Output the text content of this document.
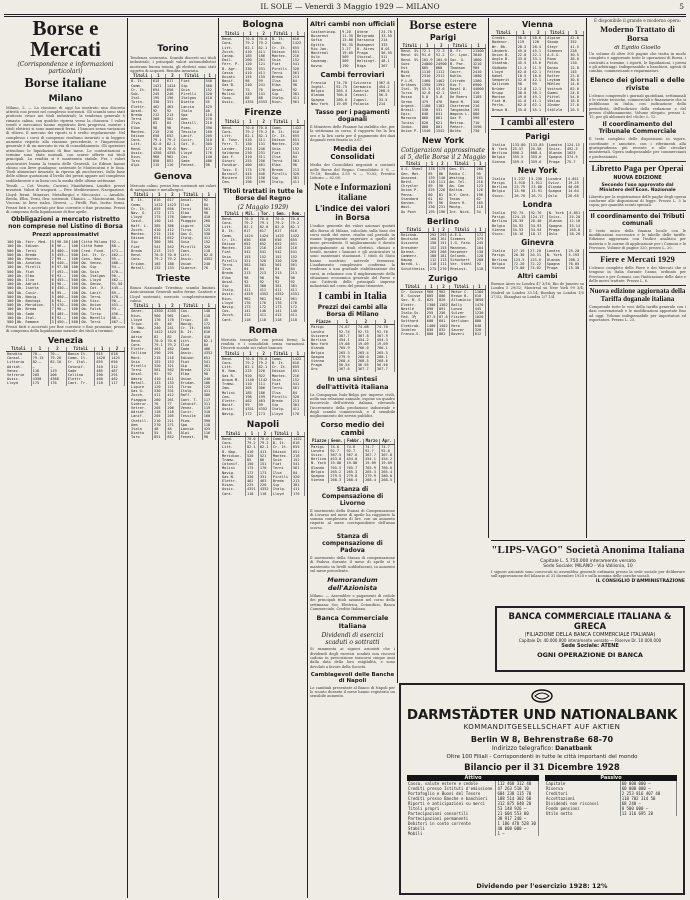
IL SOLE — Venerdì 3 Maggio 1929 — MILANO	5
Borse e Mercati
(Corrispondenze e informazioni particolari)
Borse italiane
Milano
Milano, 2. — La riunione di oggi ha mostrato una discreta attività con prezzi nel complesso sostenuti. Gli scambi sono stati piuttosto vivaci nei titoli industriali; la tendenza generale è rimasta calma, con qualche ripresa verso la chiusura. I valori tessili e meccanici hanno registrato lievi progressi, mentre i titoli elettrici si sono mantenuti fermi. I bancari senza variazioni di rilievo. Il mercato dei riporti si è svolto regolarmente. Nel complesso i corsi di compenso risultano invariati o in leggero aumento rispetto alla riunione precedente, e l'impressione generale è di un mercato in via di consolidamento. Gli operatori attendono le liquidazioni di fine mese. Le contrattazioni a termine sono state normali, con scarse offerte sui titoli principali. La rendita si è mantenuta stabile. Fra i valori assicurativi buona la tenuta delle Generali. Le Edison hanno chiuso con lieve guadagno; sostenute le Montecatini e le Snia. Titoli alimentari invariati; in ripresa gli zuccherieri. Sulla base delle ultime quotazioni il livello dei prezzi appare nel complesso soddisfacente e in linea con la media delle ultime settimane.
Tessili. — Cot. Veneto, Cucirini, Manifattura, Lanifici: prezzi invariati. Valori di trasporti. — Ferr. Mediterranee, Navigazione, Lloyd: fermi. Minerari, Metallurgici e Meccanici. — Ansaldo, Breda, Elba, Terni, Ilva: sostenuti. Chimici. — Montecatini, Snia Viscosa: in lieve rialzo. Diversi. — Pirelli, Fiat, Isotta: fermi. Prezzi fatti e accertati per fine corrente e fine prossimo. Prezzi di compenso della liquidazione di fine aprile.
Obbligazioni a mercato ristretto non comprese nel Listino di Borsa
Prezzi approssimativi
100	Ob. Ferr. Med.	5	98.50	100	Città Milano	92.—
100	Ob. Edison	6	96.—	100	Città Roma	88.—
500	Ob. Terni	6	480.—	500	Cred. Fond.	471.—
500	Ob. Breda	5	455.—	500	Ist. It. Cr.	462.—
100	Ob. Montec.	7	99.—	100	Cons. Nav.	95.—
500	Ob. Ansaldo	6	440.—	500	Ob. Venez.	488.—
100	Ob. Pirelli	6	97.50	100	Ob. Sip	94.—
500	Ob. Fiat	7	492.—	500	Ob. Snia	470.—
100	Ob. Elba	6	93.—	100	Ob. Italgas	90.—
500	Ob. Ilva	6	455.—	500	Ob. Lloyd	462.—
100	Ob. Adriat.	6	96.—	100	Ob. Genov.	91.50
500	Ob. Isotta	6	430.—	500	Ob. Cot. V.	445.—
100	Ob. Cucir.	6	95.—	100	Ob. Lanif.	89.—
500	Ob. Navig.	5	460.—	500	Ob. Terni	478.—
100	Ob. Bastogi	6	94.—	100	Ob. Vizz.	90.—
500	Ob. Meridion.	5	470.—	500	Ob. Union	451.—
100	Ob. Breda	7	98.—	100	Ob. Falck	93.—
500	Ob. Sade	6	485.—	500	Ob. Tirso	456.—
100	Ob. Ital.	6	92.—	100	Ob. Marelli	88.—
500	Ob. Romana	5	450.—	500	Ob. Terni	467.—
Prezzi fatti e accertati per fine corrente e fine prossimo; prezzi di compenso della liquidazione mensile dei titoli a termine.
Venezia
Titoli	1	2	Titoli	1	2
Rendita	70.—	70.—	Banca It.	615	618
Consol.	79.15	79.20	Comm. It.	1420	1425
Littorio	82.—	82.10	Cr. Ital.	655	656
Adriat.	—	—	Cotonif.	310	312
Venez.	118	119	Sade	485	487
Vetrerie	205	206	Cellina	290	291
Assic.	4350	4360	Elettr.	460	462
Lloyd	175	176	Cant. Tr.	118	117
Torino
Tendenza sostenuta. Scambi discreti sui titoli industriali; i principali valori automobilistici mostrano buona tenuta, gli elettrici sono stati oggetto di acquisti. Rendita invariata.
Titoli	1	2	Titoli	1
B. It.	615	617	Fiat	540
Comm.	1421	1424	Sip	380
Cr. It.	654	656	Snia	152
Sub.	245	246	Pirelli	320
Ital.	195	196	Italgas	410
Torin.	330	331	Diatto	55
Elettr.	462	463	Lancia	425
Ansal.	92	92	Itala	48
Breda	212	213	Spa	118
Terni	560	562	Aem	270
Ilva	83	84	Chatill.	210
Elba	98	98	Piem.	390
Montec.	215	216	Tessile	160
Edison	650	652	Lanif.	205
Cons.	79.1	79.2	Cucir.	310
Litt.	82.0	82.1	Cot. V.	305
Rend.	70.0	70.0	Nav.	172
Assic.	4350	4355	Lloyd	176
Riun.	960	962	Cos.	140
Toro	850	852	Sade	486
Alpi	115	116	Fenest.	98
Genova
Mercato calmo, prezzi ben sostenuti nei valori di navigazione e metallurgici.
Titoli	1	2	Titoli	1
B. It.	616	617	Ansal.	92
Comm.	1422	1423	Ilva	84
Cr. It.	655	656	Terni	561
Nav. G.	172	173	Elba	98
Lloyd	175	176	Odero	410
Cosul.	140	141	Piaggio	260
Raff. L.	385	386	Ligure	120
Zucch.	410	412	Tirso	125
Montec.	215	216	Gas G.	330
Edison	651	652	Italg.	411
Sip	380	381	Snia	152
Fiat	541	542	Pirelli	320
Breda	213	213	Cant.	118
Rend.	70.0	70.0	Litt.	82.0
Cons.	79.2	79.2	Assic.	4352
Eridan.	185	186	Union	240
Metall.	132	133	Siderur.	76
Trieste
Banca Nazionale Triestina: scambi limitati. Assicurazioni Generali molto ferme. Cantieri e Lloyd sostenuti; mercato complessivamente calmo.
Titoli	1	2	Titoli	1
Gener.	4350	4355	Cos.	140
Riun.	960	961	Cant.	118
Lloyd	176	176	Tripc.	45
Tripc.	45	46	Navig.	172
B. Naz.	240	241	Cr. It.	655
Comm.	1422	1424	B. It.	616
Adria	82	82	Zucch.	410
Rend.	70.0	70.0	Litt.	82.1
Cons.	79.1	79.2	Ilva	84
Elettr.	461	462	Sade	486
Cellina	290	291	Assic.	4352
Mont.	215	216	Edison	651
Snia	152	153	Fiat	541
Pirelli	320	321	Sip	381
Terni	561	562	Breda	213
Ansal.	92	92	Elba	98
Odero	410	411	Union	240
Metall.	133	133	Eridan.	186
Ligure	120	121	Tirso	125
Gas G.	330	331	Italg.	411
Zucch.	411	412	Raff.	386
Piaggio	260	261	Cant. T.	117
Siderur.	76	77	Cotonif.	311
Vetrer.	205	206	Venez.	119
Adriat.	118	118	Cucir.	310
Lanif.	205	205	Tessile	160
Chatill.	210	211	Piem.	390
Aem	270	271	Spa	118
Itala	48	48	Lancia	425
Diatto	55	55	Alpi	116
Toro	851	852	Fenest.	98
Bologna
Titoli	1	2	Titoli	1
Rend.	70.0	70.0	B. It.	616
Cons.	79.2	79.2	Comm.	1422
Litt.	82.1	82.1	Cr. It.	655
Zucch.	410	411	Edison	651
Canap.	185	186	Montec.	216
Emil.	260	261	Snia	152
Ferr. P.	120	121	Fiat	541
B. Agr.	330	331	Pirelli	320
Cassa	410	411	Terni	561
Ducati	155	155	Breda	213
Bonif.	98	99	Ilva	84
Gas B.	240	241	Elba	98
Tramv.	75	76	Ansal.	92
Molini	140	141	Sip	381
Coop.	88	88	Italg.	411
Assic.	4351	4353	Riun.	961
Firenze
Titoli	1	2	Titoli	1
Rend.	70.0	70.0	Comm.	1422
Cons.	79.2	79.2	B. It.	616
Litt.	82.1	82.1	Cr. It.	655
B. Tosc.	410	411	Edison	651
Ferr. T.	130	131	Montec.	216
Larder.	245	246	Snia	152
Valdarno	230	231	Fiat	541
Gas F.	310	311	Ilva	84
Ginori	255	256	Terni	561
Fondiar.	460	461	Elba	98
Tosc. E.	175	176	Breda	213
Boracif.	445	446	Pirelli	320
Miniere	155	156	Sip	381
Cem.	198	199	Italg.	411
Titoli trattati in tutte le Borse del Regno
(2 Maggio 1929)
Titoli	Mil.	Tor.	Gen.	Rom.
Rend.	70.0	70.0	70.0	70.0
Cons.	79.2	79.1	79.2	79.2
Litt.	82.1	82.0	82.0	82.1
B. It.	617	617	617	616
Comm.	1424	1424	1423	1422
Cr. It.	656	656	656	655
Edison	652	652	652	651
Montec.	216	216	216	216
Fiat	542	541	542	541
Snia	153	152	152	152
Pirelli	321	320	320	320
Terni	562	561	561	561
Ilva	84	84	84	84
Breda	213	213	213	213
Elba	98	98	98	98
Ansal.	92	92	92	92
Sip	381	380	381	381
Italg.	411	411	411	411
Assic.	4355	4352	4352	4351
Riun.	962	961	961	961
Lloyd	176	176	176	176
Navig.	173	172	173	172
Cos.	141	140	141	140
Zucch.	412	411	412	411
Cant.	118	118	118	118
Roma
Mercato tranquillo con prezzi fermi; la rendita e i consolidati senza variazioni. Discreti scambi sui valori bancari.
Titoli	1	2	Titoli	1
Rend.	70.0	70.0	Comm.	1422
Cons.	79.2	79.2	B. It.	616
Litt.	82.1	82.1	Cr. It.	655
B. Rom.	225	226	Edison	651
Gas R.	920	922	Montec.	216
Acqua M.	1140	1142	Snia	152
Tramw.	110	111	Fiat	541
Imm.	305	306	Terni	561
Molini	185	186	Ilva	84
Cem.	198	199	Pirelli	320
Elettr.	462	463	Breda	213
Bonif.	99	99	Sip	381
Assic.	4351	4352	Italg.	411
Navig.	172	173	Lloyd	176
Napoli
Titoli	1	2	Titoli	1
Rend.	70.0	70.0	Comm.	1422
Cons.	79.2	79.2	B. It.	616
Litt.	82.1	82.1	Cr. It.	655
B. Nap.	410	411	Edison	651
Meridion.	520	521	Montec.	216
Tramw.	85	86	Snia	152
Cotonif.	150	151	Fiat	541
Molini	175	176	Terni	561
Navig.	172	173	Ilva	84
Gas N.	330	331	Pirelli	320
Elettr.	462	463	Breda	213
Risan.	225	226	Sip	381
Assic.	4351	4352	Italg.	411
Cant.	118	118	Lloyd	176
Altri cambi non ufficiali
Costantinop.	9.20	Atene	24.70
Bucarest	11.35	Belgrado	33.55
Sofia	13.80	Varsavia	214
Egitto	95.35	Budapest	333
Rio Jan.	2.27	B. Aires	8.01
Montreal	19.05	Praga	56.55
Oslo	509	Stoccol.	511
Copenag.	509	Helsingf.	48.1
Kovno	190	Riga	367
Cambi ferroviari
Francia	74.70	Svizzera	367.8
Inghil.	92.75	Germania	454.2
Belgio	265.4	Austria	268.5
Olanda	766.0	Cecosl.	56.5
Spagna	280.0	Jugosl.	33.5
New York	19.09	Polonia	214
Tasso per i pagamenti doganali
Il Ministero delle Finanze ha stabilito che, per la settimana in corso, il rapporto fra la lira oro e la lira carta per il pagamento dei dazi doganali resti fissato in 3.67.
Media dei Consolidati
Media dei Consolidati negoziati a contanti nelle Borse del Regno: Consolidato 5 % — 79.18; Rendita 3.50 % — 70.02; Prestito Littorio — 82.08.
Note e Informazioni italiane
L'indice dei valori in Borsa
L'indice generale dei valori azionari quotati alla Borsa di Milano, calcolato sulla base dei corsi medi del mese, risulta nel periodo in esame leggermente superiore a quello del mese precedente. Il miglioramento è dovuto principalmente ai titoli elettrici, chimici e tessili, mentre i bancari e gli assicurativi si sono mantenuti stazionari. I titoli di Stato hanno mostrato notevole fermezza. L'andamento complessivo conferma la tendenza a una graduale stabilizzazione dei corsi, in relazione con il miglioramento della situazione economica generale del Paese e con l'attività delle principali imprese industriali nel corso del primo trimestre.
I cambi in Italia
Prezzi dei cambi alla Borsa di Milano
Piazze	1	2	3
Parigi	74.67	74.68	74.70
Londra	92.74	92.75	92.76
Svizzera	367.7	367.8	367.9
Berlino	454.1	454.2	454.3
New York	19.08	19.09	19.09
Olanda	765.9	766.0	766.1
Belgio	265.3	265.4	265.5
Spagna	279.9	280.0	280.1
Vienna	268.4	268.5	268.6
Praga	56.54	56.55	56.56
Oro	367.6	367.7	367.7
In una sintesi dell'attività italiana
La Compagnia Italo-Belga per imprese civili, nella sua relazione annuale, espone un quadro favorevole dell'attività italiana, rilevando l'incremento della produzione industriale e degli scambi commerciali, e il sensibile miglioramento dei servizi pubblici.
Corso medio dei cambi
Piazze	Genn.	Febbr.	Marzo	Apr.
Parigi	74.6	74.6	74.7	74.7
Londra	92.7	92.7	92.7	92.8
Svizz.	367.5	367.6	367.7	367.8
Berlino	453.8	454.0	454.1	454.2
N. York	19.08	19.08	19.09	19.09
Olanda	765.5	765.7	765.9	766.0
Belgio	265.2	265.3	265.3	265.4
Spagna	279.5	279.8	279.9	280.0
Vienna	268.3	268.4	268.4	268.5
Stanza di Compensazione di Livorno
Il movimento della Stanza di Compensazione di Livorno nel mese di aprile ha raggiunto la somma complessiva di lire, con un aumento rispetto al mese corrispondente dell'anno scorso.
Stanza di compensazione di Padova
Il movimento della Stanza di compensazione di Padova durante il mese di aprile si è mantenuto su livelli soddisfacenti, in aumento sul mese precedente.
Memorandum dell'Azionista
Milano. — Assemblee e pagamenti di cedole dei principali titoli azionari nel corso della settimana: Soc. Elettrica, Cotonificio, Banca Commerciale, Credito Italiano.
Banca Commerciale Italiana
Dividendi di esercizi scaduti o sottratti
Si rammenta ai signori azionisti che i dividendi degli esercizi scaduti non riscossi cadono in prescrizione trascorsi cinque anni dalla data della loro esigibilità, e sono devoluti a favore della Società.
Cambiagevoli delle Banche di Napoli
Le cambiali presentate al Banco di Napoli per lo sconto durante il mese hanno registrato un sensibile aumento.
Borse estere
Parigi
Titoli	1	2	Titoli	1
Rend. 3%	72.1	72.3	B. Fr.	21500
Rend. 4%	91.0	91.2	Cr. Lyon.	3040
Rend. 5%	103.9	104.0	Soc. G.	1860
Suez	24800	24900	B. Par.	3210
Est	865	868	Thomson	905
Midi	1110	1112	Courr.	2410
Nord	2310	2312	Kuhlm.	1080
P.L.M.	1460	1462	Citroën	1380
Orléans	1390	1392	Rio T.	6900
Ital. 3½	53.5	53.6	Royal D.	44000
Turco	42.0	42.1	Shell	410
Russo	5.8	5.8	De Beers	1185
Serbo	475	476	Rand M.	340
Argent.	1180	1182	Chartered	210
Brasil.	530	531	Tanganika	195
Egiz.	640	641	Wagons L.	880
Marocco	860	861	Gaz P.	590
Tunisi	620	621	Metrop.	710
Indoc.	800	801	Peñarr.	1590
Union P.	1540	1542	Boléo	730
New York
Cotigerazioni approssimate al 5, delle Borse il 2 Maggio
Titoli	1	2	Titoli	1
U.S. Steel	178	179	Gen. El.	268
Gen. Mot.	85	86	Radio C.	95
Anacond.	139	140	Westing.	161
Bethl.	110	111	Am. Tel.	216
Chrysler	89	90	Am. Can	123
Union P.	225	226	Baltim.	126
Penns.	80	81	N.Y. Cent.	190
Standard	61	62	Texas	62
Kennec.	95	96	Sears R.	165
Wool.	230	231	Montg.	118
Du Pont	195	196	Int. Nick.	54
Berlino
Titoli	1	2	Titoli	1
Reichsb.	292	293	A.E.G.	172
Deutsche	160	161	Siemens	375
Disconto	150	151	I.G. Farb.	245
Dresdner	152	153	Mannesm.	104
Darmst.	265	266	Harpener	130
Commerz.	180	181	Gelsenk.	128
Hapag	112	113	Schuckert	200
Nordd. L.	110	111	Ver. Stahl	92
Schultheiss	275	276	Rheinst.	118
Zurigo
Titoli	1	2	Titoli	1
Cr. Suisse	960	962	Motor C.	1160
B. Suisse	805	806	Brown B.	610
Soc. B. S.	825	826	Alluminio	3650
Elektr.	1300	1302	Bally	1470
Nestlé	890	891	Lonza	445
Italo-Sv.	255	256	Sulzer	1230
Fed. 3½	87.5	87.6	Fischer	1020
Gotthard	600	601	Oerlikon	880
Elektrob.	1400	1402	Hero	640
Indelec	830	832	Saurer	320
Franco-S.	880	881	Boveri	612
Vienna
Titoli	1	2	Titoli	1
Credit.	58.5	58.6	Alpine	42.0
Bodencr.	119	120	Skoda	352
Wr. Bk.	28.3	28.4	Steyr	41.5
Länderb.	45.0	45.1	Siemens	228
Union B.	22.0	22.1	A.E.G.	30.5
Anglo B.	33.0	33.1	Rima	38.0
Staatsb.	45.5	45.6	Poldi	110
Südbahn	11.4	11.5	Donau	12.8
Lloyd	62.0	62.1	Felten	145
Kabel	18.5	18.6	Rotter	23.0
Semperit	42.0	42.1	Leykam	30.0
Galizien	98	99	Mühlen	14.0
Brüder	12.0	12.1	Veitsch	82.0
Krupp	38.0	38.1	Gummi	24.0
Montan	49.0	49.1	Pittel	54.0
Fiat W.	41.0	41.1	Vöslau	18.0
Perlm.	62.0	62.1	Zünder	27.0
Brown B.	35.0	35.1	Stölzle	26.5
I cambi all'estero
Parigi
Italia	133.80	133.85	Londra	124.15
N. York	25.57	25.58	Svizz.	492.5
Berlino	608.2	608.4	Olanda	1025
Belgio	355.5	355.6	Spagna	374.5
Vienna	359.5	359.6	Praga	75.7
New York
Italia	5.237	5.238	Londra	4.851
Parigi	3.910	3.911	Svizz.	19.25
Berlino	23.79	23.80	Olanda	40.08
Belgio	13.90	13.91	Spagna	14.64
Stocc.	26.70	26.71	Oslo	26.65
Londra
Italia	92.74	92.76	N. York	4.851
Parigi	124.15	124.17	Svizz.	25.20
Berlino	20.39	20.40	Olanda	12.10
Belgio	34.92	34.93	Spagna	33.14
Vienna	34.53	34.54	Praga	163.8
Stocc.	18.16	18.17	Oslo	18.20
Ginevra
Italia	27.19	27.20	Londra	25.20
Parigi	20.30	20.31	N. York	5.193
Berlino	123.5	123.6	Olanda	208.2
Belgio	72.20	72.22	Spagna	76.05
Vienna	73.00	73.02	Praga	15.38
Altri cambi
Buenos Aires su Londra 47 3/16; Rio de Janeiro su Londra 5 29/32; Montreal su New York 99 3/4; Madrid su Londra 33.14; Bombay su Londra 1/5 27/32; Shanghai su Londra 2/7 1/4.
È disponibile il grande e moderno opera:
Moderno Trattato di Borsa
di Egidio Gioello
Un volume di oltre 500 pagine che tratta in modo completo e aggiornato tutte le operazioni di Borsa, i contratti a termine, i riporti, le liquidazioni, i premi e gli arbitraggi. Indispensabile a banchieri, agenti di cambio, commercianti e risparmiatori.
Elenco dei giornali e delle riviste
L'elenco comprende i giornali quotidiani, settimanali e le riviste tecniche, commerciali e finanziarie che si pubblicano in Italia, con indicazione della periodicità, dell'indirizzo della redazione e del prezzo d'abbonamento. Volume rilegato, prezzo L. 15; per gli abbonati del «Sole» L. 12.
Il coordinamento del Tribunale Commerciale
Il testo completo delle disposizioni in vigore, coordinate e annotate, con i riferimenti alla giurisprudenza più recente e alle circolari ministeriali. Opera indispensabile per commercianti e professionisti.
Libretto Paga per Operai
NUOVA EDIZIONE
Secondo l'uso approvato dal Ministero dell'Econ. Nazionale
Libretto per la registrazione delle paghe degli operai conforme alle disposizioni di legge. Prezzo L. 3 la copia; per quantità sconti speciali.
Il coordinamento dei Tributi comunali
Il testo unico della finanza locale con le modificazioni successive e le tabelle delle tariffe. Edizione aggiornata con l'indice analitico per materia e le norme di applicazione per i Comuni e le Province. Volume di pagine 320, prezzo L. 20.
Fiere e Mercati 1929
L'elenco completo delle Fiere e dei Mercati che si tengono in Italia durante l'anno, ordinato per Province e per Comuni, con l'indicazione delle date e delle merci trattate. Prezzo L. 6.
Nuova edizione aggiornata della Tariffa doganale italiana
Comprende tutte le voci della tariffa generale con i dazi convenzionali e le modificazioni apportate fino ad oggi. Volume indispensabile per importatori ed esportatori. Prezzo L. 25.
"LIPS-VAGO" Società Anonima Italiana
Capitale L. 5.750.000 interamente versato
Sede Sociale: MILANO - Via Vallisnia, 10
I signori azionisti sono convocati in assemblea generale ordinaria presso la sede sociale per deliberare sull'approvazione del bilancio al 31 dicembre 1928 e sulla nomina delle cariche sociali.
IL CONSIGLIO D'AMMINISTRAZIONE
BANCA COMMERCIALE ITALIANA & GRECA
(FILIAZIONE DELLA BANCA COMMERCIALE ITALIANA)
Capitale Dr. 40.000.000 interamente versato — Riserve Dr. 10.000.000
Sede Sociale: ATENE
OGNI OPERAZIONE DI BANCA
DARMSTÄDTER UND NATIONALBANK
KOMMANDITGESELLSCHAFT AUF AKTIEN
Berlin W 8, Behrenstraße 68-70
Indirizzo telegrafico: Danatbank
Oltre 100 Filiali - Corrispondenti in tutte le città importanti del mondo
Bilancio per il 31 Dicembre 1928
Attivo
Cassa, valute estere e cedole	112 468 312 40
Crediti presso Istituti d'emissione	47 263 518 10
Portafoglio e Buoni del Tesoro	604 238 115 70
Crediti presso Banche e banchieri	188 514 302 60
Riporti e anticipazioni su merci	312 875 640 20
Titoli propri	53 148 926 —
Partecipazioni consortili	21 604 553 80
Partecipazioni permanenti	38 917 240 —
Debitori in conto corrente	1 186 470 528 30
Stabili	40 000 000 —
Mobili	1 —
Passivo
Capitale	60 000 000 —
Riserva	60 000 000 —
Creditori	2 253 816 407 40
Accettazioni	118 702 314 50
Dividendi non riscossi	68 240 —
Fondo pensioni	8 500 000 —
Utile netto	13 316 695 20
Dividendo per l'esercizio 1928: 12%
